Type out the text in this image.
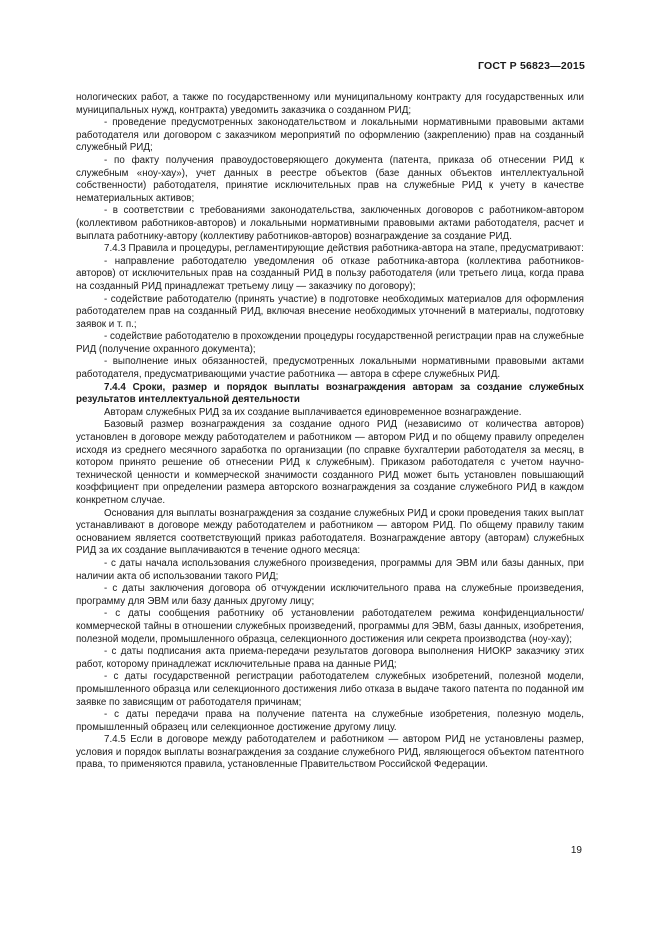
ГОСТ Р 56823—2015

нологических работ, а также по государственному или муниципальному контракту для государственных или муниципальных нужд, контракта) уведомить заказчика о созданном РИД;

- проведение предусмотренных законодательством и локальными нормативными правовыми актами работодателя или договором с заказчиком мероприятий по оформлению (закреплению) прав на созданный служебный РИД;

- по факту получения правоудостоверяющего документа (патента, приказа об отнесении РИД к служебным «ноу-хау»), учет данных в реестре объектов (базе данных объектов интеллектуальной собственности) работодателя, принятие исключительных прав на служебные РИД к учету в качестве нематериальных активов;

- в соответствии с требованиями законодательства, заключенных договоров с работником-автором (коллективом работников-авторов) и локальными нормативными правовыми актами работодателя, расчет и выплата работнику-автору (коллективу работников-авторов) вознаграждение за создание РИД.

7.4.3 Правила и процедуры, регламентирующие действия работника-автора на этапе, предусматривают:

- направление работодателю уведомления об отказе работника-автора (коллектива работников-авторов) от исключительных прав на созданный РИД в пользу работодателя (или третьего лица, когда права на созданный РИД принадлежат третьему лицу — заказчику по договору);

- содействие работодателю (принять участие) в подготовке необходимых материалов для оформления работодателем прав на созданный РИД, включая внесение необходимых уточнений в материалы, подготовку заявок и т. п.;

- содействие работодателю в прохождении процедуры государственной регистрации прав на служебные РИД (получение охранного документа);

- выполнение иных обязанностей, предусмотренных локальными нормативными правовыми актами работодателя, предусматривающими участие работника — автора в сфере служебных РИД.

7.4.4 Сроки, размер и порядок выплаты вознаграждения авторам за создание служебных результатов интеллектуальной деятельности

Авторам служебных РИД за их создание выплачивается единовременное вознаграждение.

Базовый размер вознаграждения за создание одного РИД (независимо от количества авторов) установлен в договоре между работодателем и работником — автором РИД и по общему правилу определен исходя из среднего месячного заработка по организации (по справке бухгалтерии работодателя за месяц, в котором принято решение об отнесении РИД к служебным). Приказом работодателя с учетом научно-технической ценности и коммерческой значимости созданного РИД может быть установлен повышающий коэффициент при определении размера авторского вознаграждения за создание служебного РИД в каждом конкретном случае.

Основания для выплаты вознаграждения за создание служебных РИД и сроки проведения таких выплат устанавливают в договоре между работодателем и работником — автором РИД. По общему правилу таким основанием является соответствующий приказ работодателя. Вознаграждение автору (авторам) служебных РИД за их создание выплачиваются в течение одного месяца:

- с даты начала использования служебного произведения, программы для ЭВМ или базы данных, при наличии акта об использовании такого РИД;

- с даты заключения договора об отчуждении исключительного права на служебные произведения, программу для ЭВМ или базу данных другому лицу;

- с даты сообщения работнику об установлении работодателем режима конфиденциальности/коммерческой тайны в отношении служебных произведений, программы для ЭВМ, базы данных, изобретения, полезной модели, промышленного образца, селекционного достижения или секрета производства (ноу-хау);

- с даты подписания акта приема-передачи результатов договора выполнения НИОКР заказчику этих работ, которому принадлежат исключительные права на данные РИД;

- с даты государственной регистрации работодателем служебных изобретений, полезной модели, промышленного образца или селекционного достижения либо отказа в выдаче такого патента по поданной им заявке по зависящим от работодателя причинам;

- с даты передачи права на получение патента на служебные изобретения, полезную модель, промышленный образец или селекционное достижение другому лицу.

7.4.5 Если в договоре между работодателем и работником — автором РИД не установлены размер, условия и порядок выплаты вознаграждения за создание служебного РИД, являющегося объектом патентного права, то применяются правила, установленные Правительством Российской Федерации.

19
